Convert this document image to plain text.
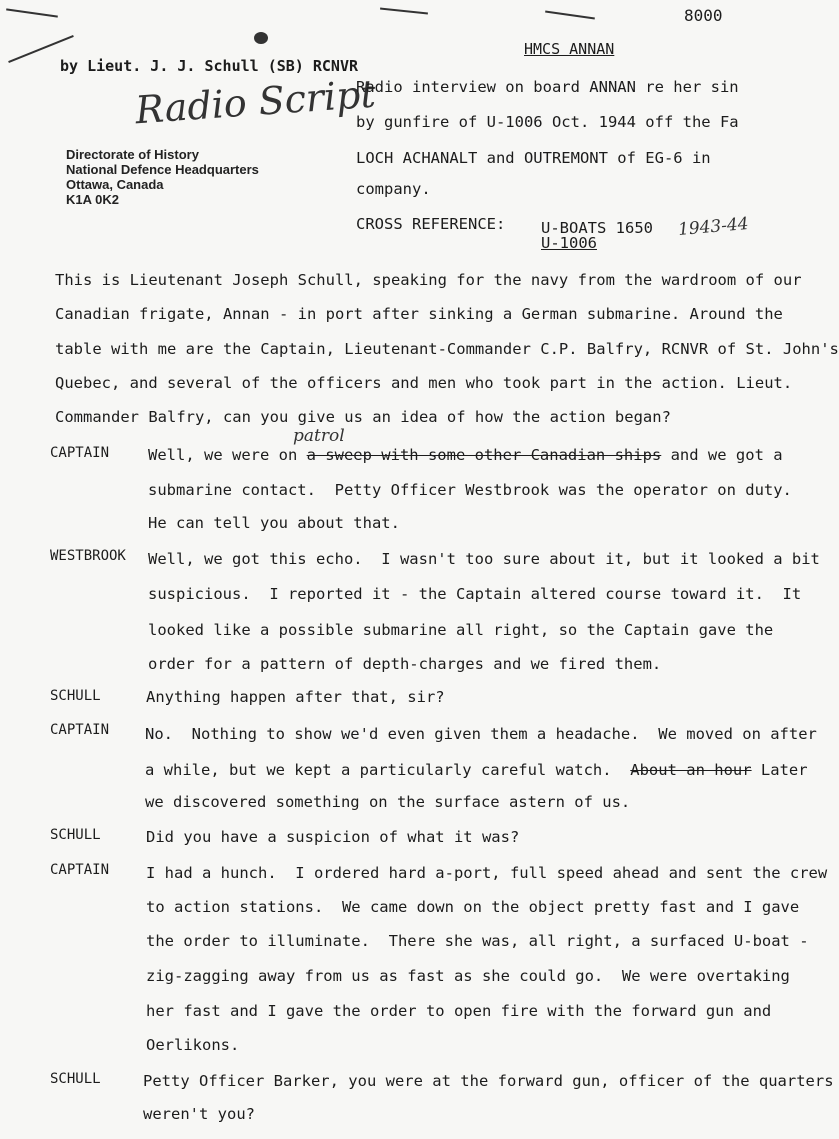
8000
by Lieut. J. J. Schull (SB) RCNVR
Radio Script
Directorate of History
National Defence Headquarters
Ottawa, Canada
K1A 0K2
HMCS ANNAN
Radio interview on board ANNAN re her sin
by gunfire of U-1006 Oct. 1944 off the Fa
LOCH ACHANALT and OUTREMONT of EG-6 in
company.
CROSS REFERENCE: U-BOATS 1650 1943-44
U-1006
This is Lieutenant Joseph Schull, speaking for the navy from the wardroom of our
Canadian frigate, Annan - in port after sinking a German submarine. Around the
table with me are the Captain, Lieutenant-Commander C.P. Balfry, RCNVR of St. John's
Quebec, and several of the officers and men who took part in the action. Lieut.
Commander Balfry, can you give us an idea of how the action began?
CAPTAIN	Well, we were on a sweep with some other Canadian ships and we got a
patrol
submarine contact.  Petty Officer Westbrook was the operator on duty.
He can tell you about that.
WESTBROOK Well, we got this echo.  I wasn't too sure about it, but it looked a bit
suspicious.  I reported it - the Captain altered course toward it.  It
looked like a possible submarine all right, so the Captain gave the
order for a pattern of depth-charges and we fired them.
SCHULL	Anything happen after that, sir?
CAPTAIN No.  Nothing to show we'd even given them a headache.  We moved on after
a while, but we kept a particularly careful watch.  About an hour Later
we discovered something on the surface astern of us.
SCHULL	Did you have a suspicion of what it was?
CAPTAIN I had a hunch.  I ordered hard a-port, full speed ahead and sent the crew
to action stations.  We came down on the object pretty fast and I gave
the order to illuminate.  There she was, all right, a surfaced U-boat -
zig-zagging away from us as fast as she could go.  We were overtaking
her fast and I gave the order to open fire with the forward gun and
Oerlikons.
SCHULL	Petty Officer Barker, you were at the forward gun, officer of the quarters
weren't you?
